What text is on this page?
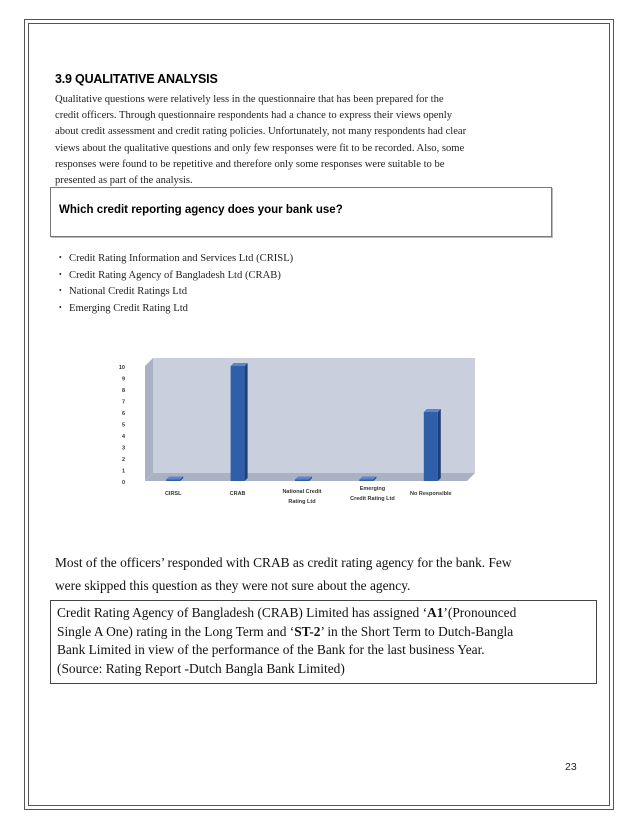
3.9 QUALITATIVE ANALYSIS
Qualitative questions were relatively less in the questionnaire that has been prepared for the
credit officers. Through questionnaire respondents had a chance to express their views openly
about credit assessment and credit rating policies. Unfortunately, not many respondents had clear
views about the qualitative questions and only few responses were fit to be recorded. Also, some
responses were found to be repetitive and therefore only some responses were suitable to be
presented as part of the analysis.
Which credit reporting agency does your bank use?
・ Credit Rating Information and Services Ltd (CRISL)
・ Credit Rating Agency of Bangladesh Ltd (CRAB)
・ National Credit Ratings Ltd
・ Emerging Credit Rating Ltd
0
1
2
3
4
5
6
7
8
9
10
CIRSL	CRAB	National Credit
Rating Ltd
Emerging
Credit Rating Ltd
No Responsible
Most of the officers’ responded with CRAB as credit rating agency for the bank. Few
were skipped this question as they were not sure about the agency.
Credit Rating Agency of Bangladesh (CRAB) Limited has assigned ‘A1’(Pronounced
Single A One) rating in the Long Term and ‘ST-2’ in the Short Term to Dutch-Bangla
Bank Limited in view of the performance of the Bank for the last business Year.
(Source: Rating Report -Dutch Bangla Bank Limited)
23
